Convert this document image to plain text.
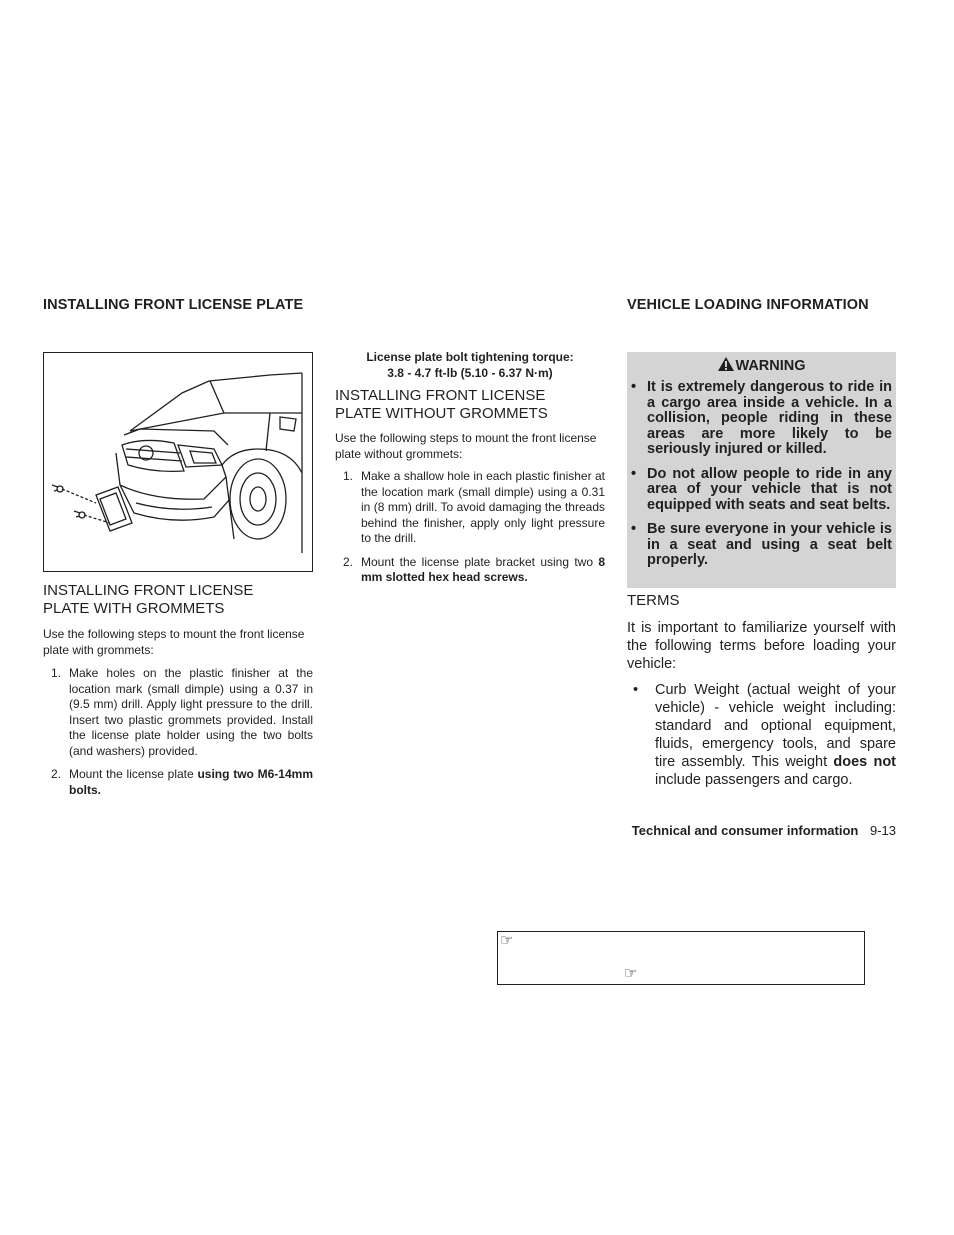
INSTALLING FRONT LICENSE PLATE
INSTALLING FRONT LICENSE
PLATE WITH GROMMETS
Use the following steps to mount the front license plate with grommets:
1. Make holes on the plastic finisher at the location mark (small dimple) using a 0.37 in (9.5 mm) drill. Apply light pressure to the drill. Insert two plastic grommets provided. Install the license plate holder using the two bolts (and washers) provided.
2. Mount the license plate using two M6-14mm bolts.
License plate bolt tightening torque:
3.8 - 4.7 ft-lb (5.10 - 6.37 N·m)
INSTALLING FRONT LICENSE
PLATE WITHOUT GROMMETS
Use the following steps to mount the front license plate without grommets:
1. Make a shallow hole in each plastic finisher at the location mark (small dimple) using a 0.31 in (8 mm) drill. To avoid damaging the threads behind the finisher, apply only light pressure to the drill.
2. Mount the license plate bracket using two 8 mm slotted hex head screws.
VEHICLE LOADING INFORMATION
WARNING
• It is extremely dangerous to ride in a cargo area inside a vehicle. In a collision, people riding in these areas are more likely to be seriously injured or killed.
• Do not allow people to ride in any area of your vehicle that is not equipped with seats and seat belts.
• Be sure everyone in your vehicle is in a seat and using a seat belt properly.
TERMS
It is important to familiarize yourself with the following terms before loading your vehicle:
• Curb Weight (actual weight of your vehicle) - vehicle weight including: standard and optional equipment, fluids, emergency tools, and spare tire assembly. This weight does not include passengers and cargo.
Technical and consumer information 9-13
☞
☞
